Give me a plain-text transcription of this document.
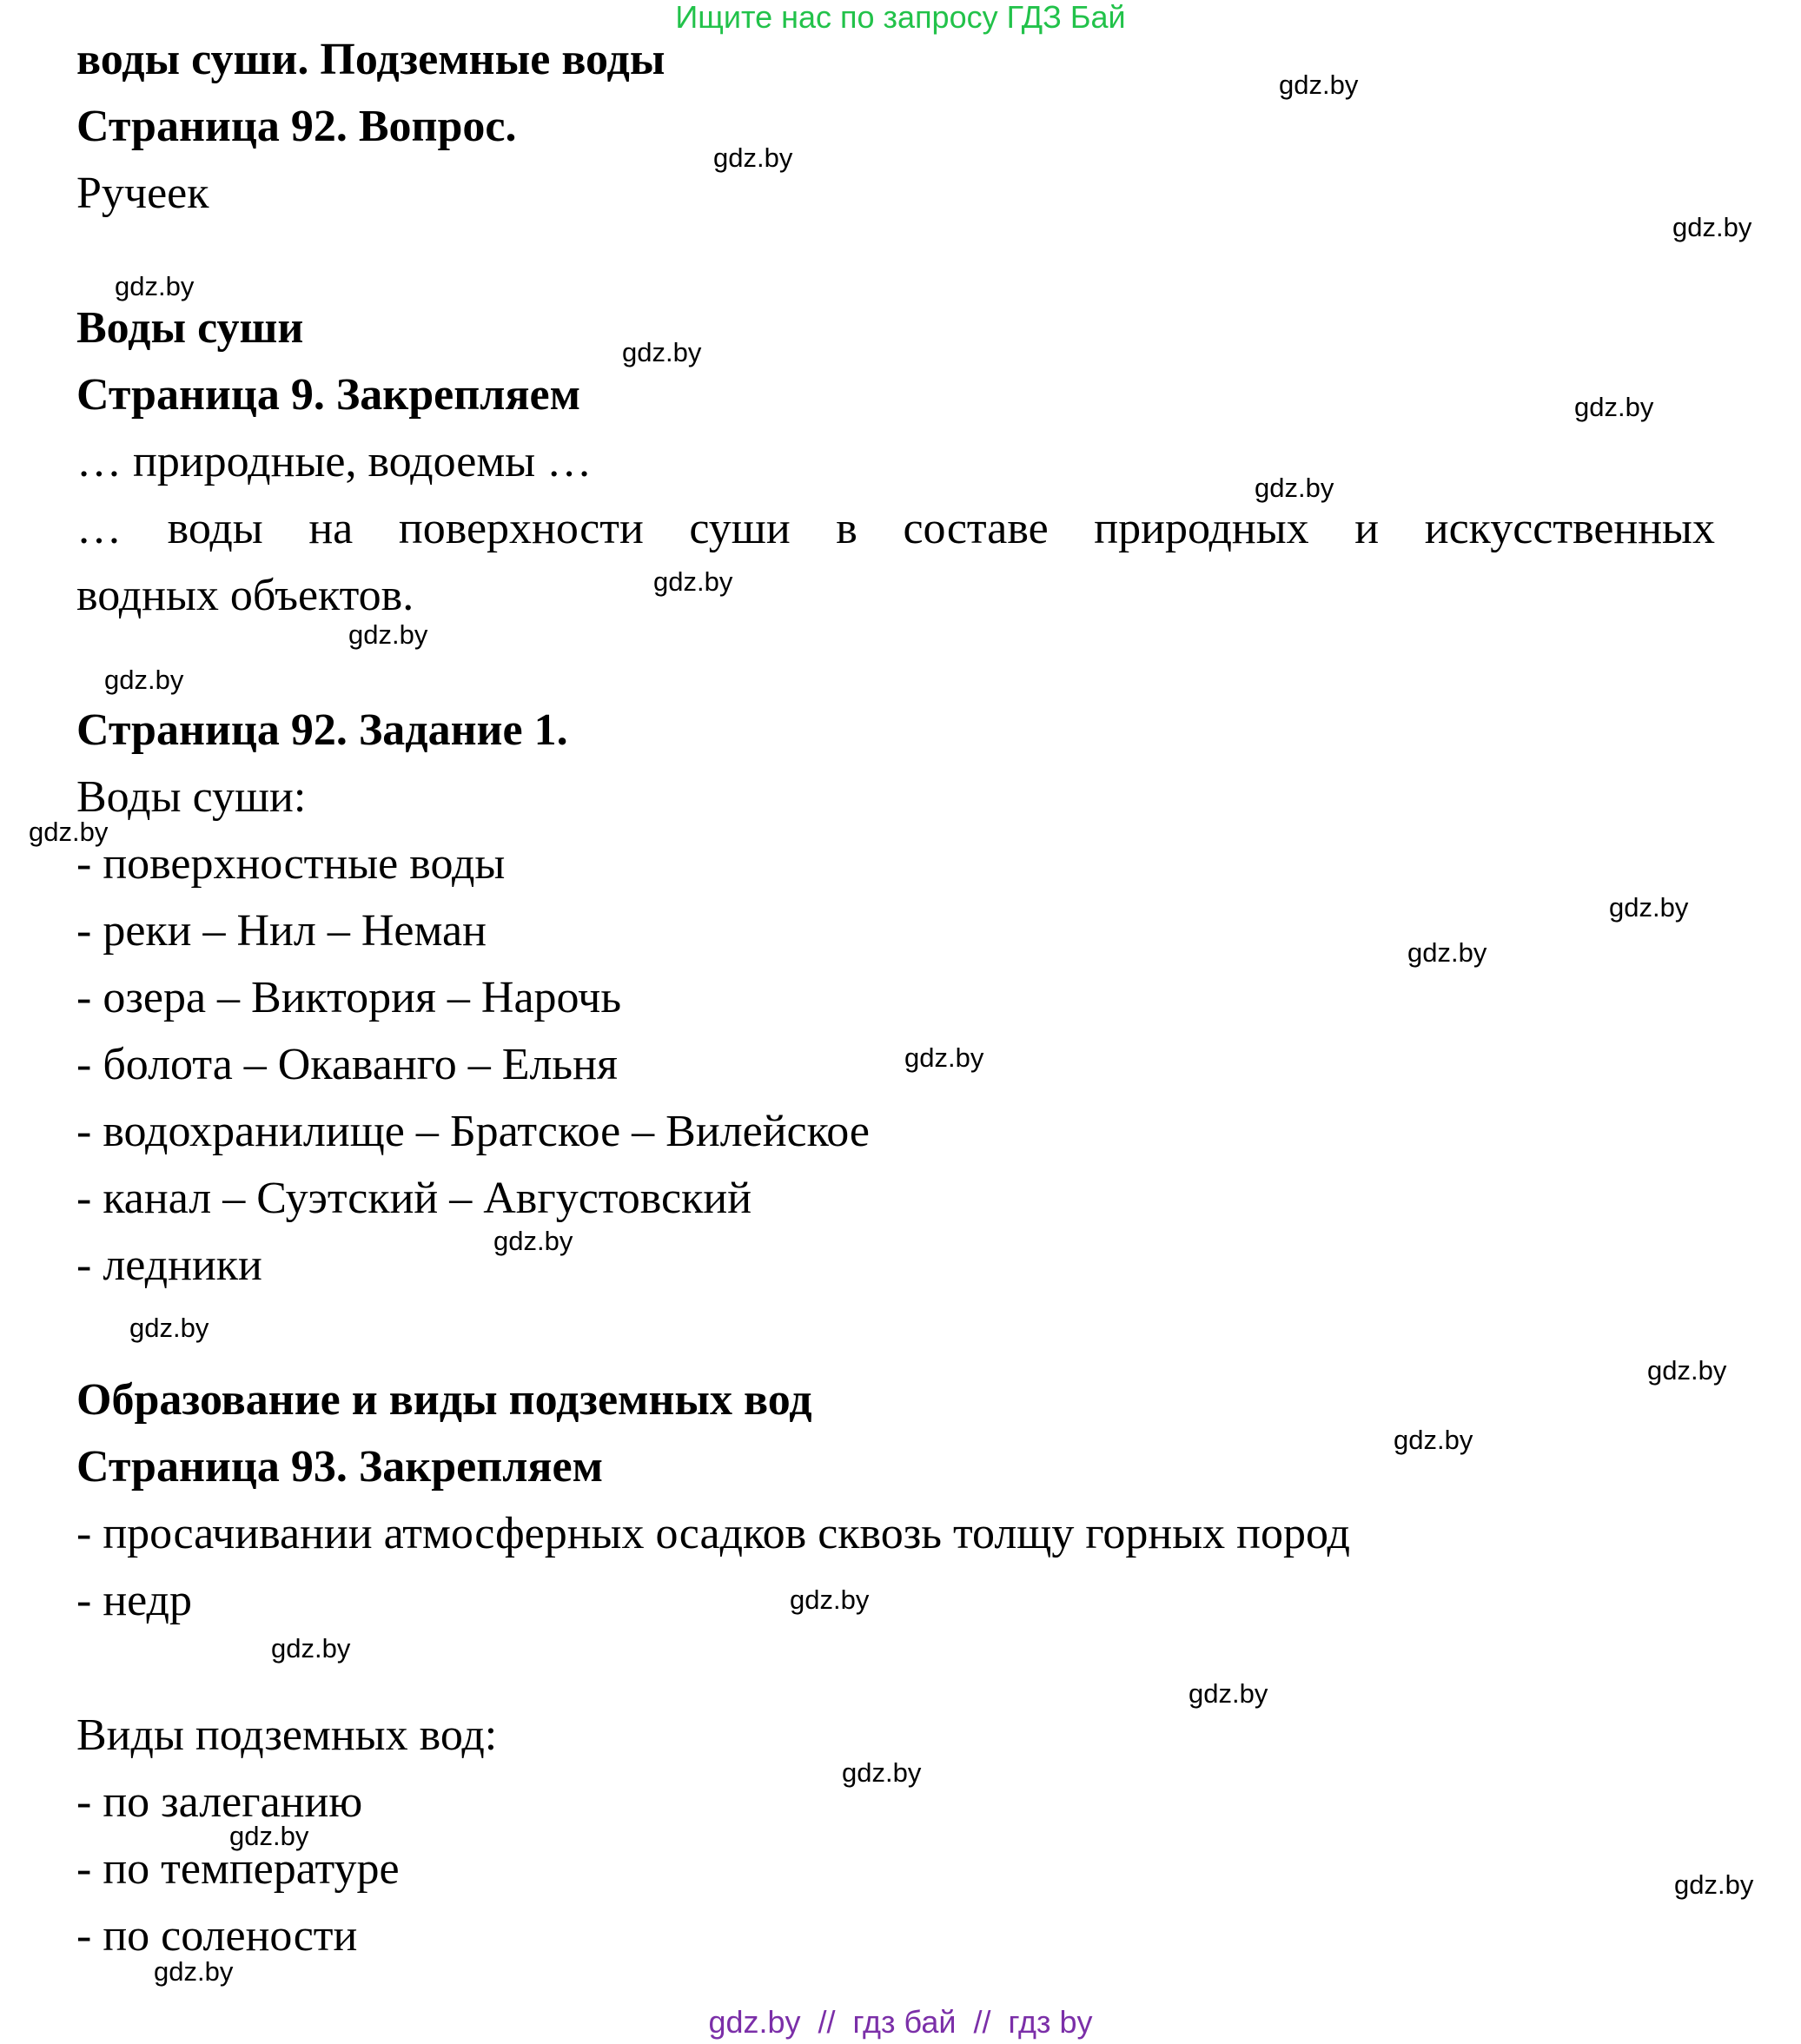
Ищите нас по запросу ГДЗ Бай
воды суши. Подземные воды
Страница 92. Вопрос.
Ручеек
Воды суши
Страница 9. Закрепляем
… природные, водоемы …
… воды на поверхности суши в составе природных и искусственных
водных объектов.
Страница 92. Задание 1.
Воды суши:
- поверхностные воды
- реки – Нил – Неман
- озера – Виктория – Нарочь
- болота – Окаванго – Ельня
- водохранилище – Братское – Вилейское
- канал – Суэтский – Августовский
- ледники
Образование и виды подземных вод
Страница 93. Закрепляем
- просачивании атмосферных осадков сквозь толщу горных пород
- недр
Виды подземных вод:
- по залеганию
- по температуре
- по солености
gdz.by
gdz.by
gdz.by
gdz.by
gdz.by
gdz.by
gdz.by
gdz.by
gdz.by
gdz.by
gdz.by
gdz.by
gdz.by
gdz.by
gdz.by
gdz.by
gdz.by
gdz.by
gdz.by
gdz.by
gdz.by
gdz.by
gdz.by
gdz.by
gdz.by
gdz.by  //  гдз бай  //  гдз by
